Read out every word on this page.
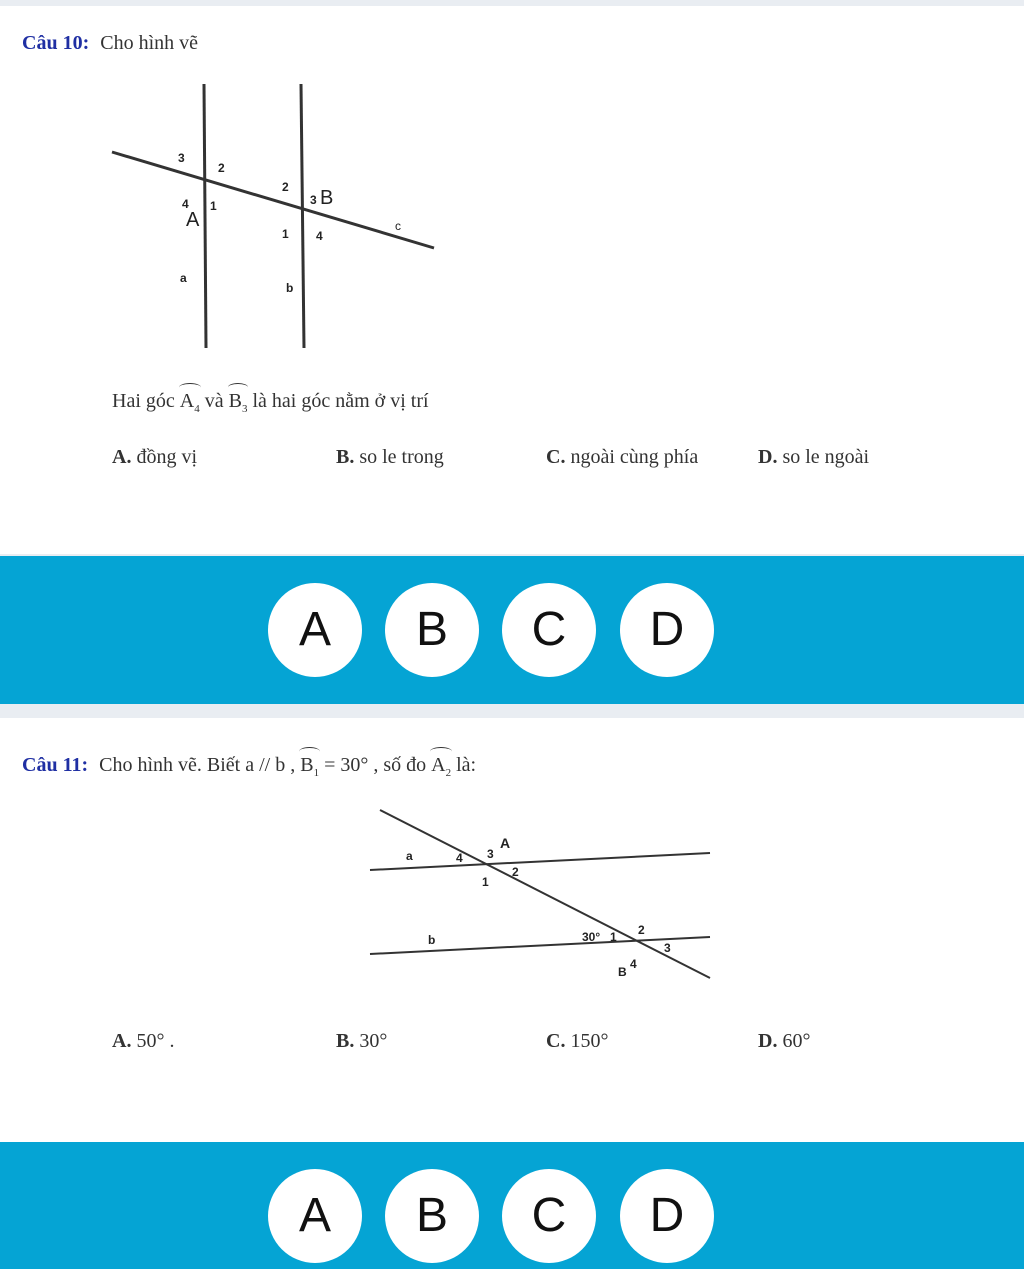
Câu 10: Cho hình vẽ
A
3
2
4 1
2
3 B
1 4
c
a
b
Hai góc $A_4$ và $B_3$ là hai góc nằm ở vị trí
A. đồng vị	B. so le trong	C. ngoài cùng phía	D. so le ngoài
A	B	C	D
Câu 11: Cho hình vẽ. Biết a // b , $B_1 = 30^\circ$ , số đo $A_2$ là:
a	4 3
A
1
2
b	30° 1 2
4
3
B
A. 50° .	B. 30°	C. 150°	D. 60°
A	B	C	D
